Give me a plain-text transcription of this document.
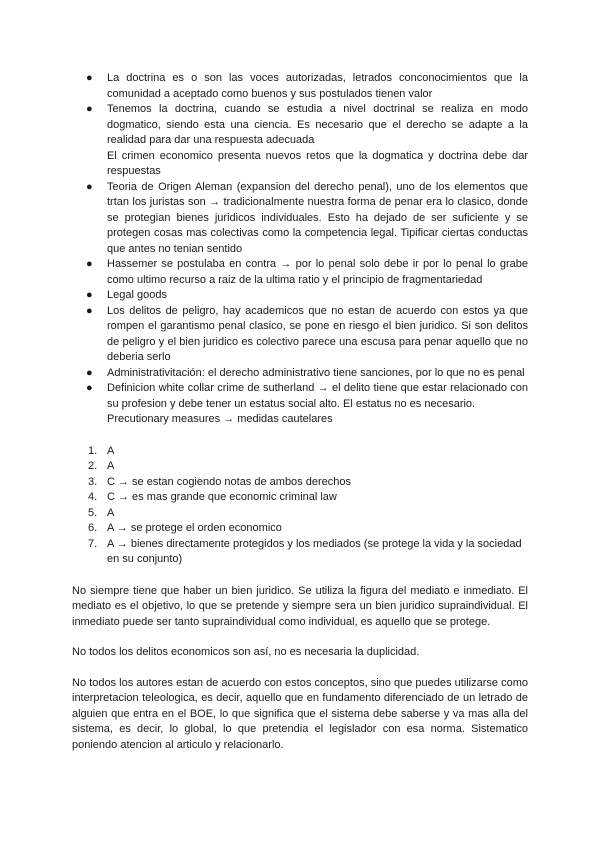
● La doctrina es o son las voces autorizadas, letrados conconocimientos que la comunidad a aceptado como buenos y sus postulados tienen valor

● Tenemos la doctrina, cuando se estudia a nivel doctrinal se realiza en modo dogmatico, siendo esta una ciencia. Es necesario que el derecho se adapte a la realidad para dar una respuesta adecuada

El crimen economico presenta nuevos retos que la dogmatica y doctrina debe dar respuestas

● Teoria de Origen Aleman (expansion del derecho penal), uno de los elementos que trtan los juristas son → tradicionalmente nuestra forma de penar era lo clasico, donde se protegian bienes juridicos individuales. Esto ha dejado de ser suficiente y se protegen cosas mas colectivas como la competencia legal. Tipificar ciertas conductas que antes no tenian sentido

● Hassemer se postulaba en contra → por lo penal solo debe ir por lo penal lo grabe como ultimo recurso a raiz de la ultima ratio y el principio de fragmentariedad

● Legal goods

● Los delitos de peligro, hay academicos que no estan de acuerdo con estos ya que rompen el garantismo penal clasico, se pone en riesgo el bien juridico. Si son delitos de peligro y el bien juridico es colectivo parece una escusa para penar aquello que no deberia serlo

● Administrativitación: el derecho administrativo tiene sanciones, por lo que no es penal

● Definicion white collar crime de sutherland → el delito tiene que estar relacionado con su profesion y debe tener un estatus social alto. El estatus no es necesario.

Precutionary measures → medidas cautelares

1. A
2. A
3. C → se estan cogiendo notas de ambos derechos
4. C → es mas grande que economic criminal law
5. A
6. A → se protege el orden economico
7. A → bienes directamente protegidos y los mediados (se protege la vida y la sociedad en su conjunto)

No siempre tiene que haber un bien juridico. Se utiliza la figura del mediato e inmediato. El mediato es el objetivo, lo que se pretende y siempre sera un bien juridico supraindividual. El inmediato puede ser tanto supraindividual como individual, es aquello que se protege.

No todos los delitos economicos son así, no es necesaria la duplicidad.

No todos los autores estan de acuerdo con estos conceptos, sino que puedes utilizarse como interpretacion teleologica, es decir, aquello que en fundamento diferenciado de un letrado de alguien que entra en el BOE, lo que significa que el sistema debe saberse y va mas alla del sistema, es decir, lo global, lo que pretendia el legislador con esa norma. Sistematico poniendo atencion al articulo y relacionarlo.
